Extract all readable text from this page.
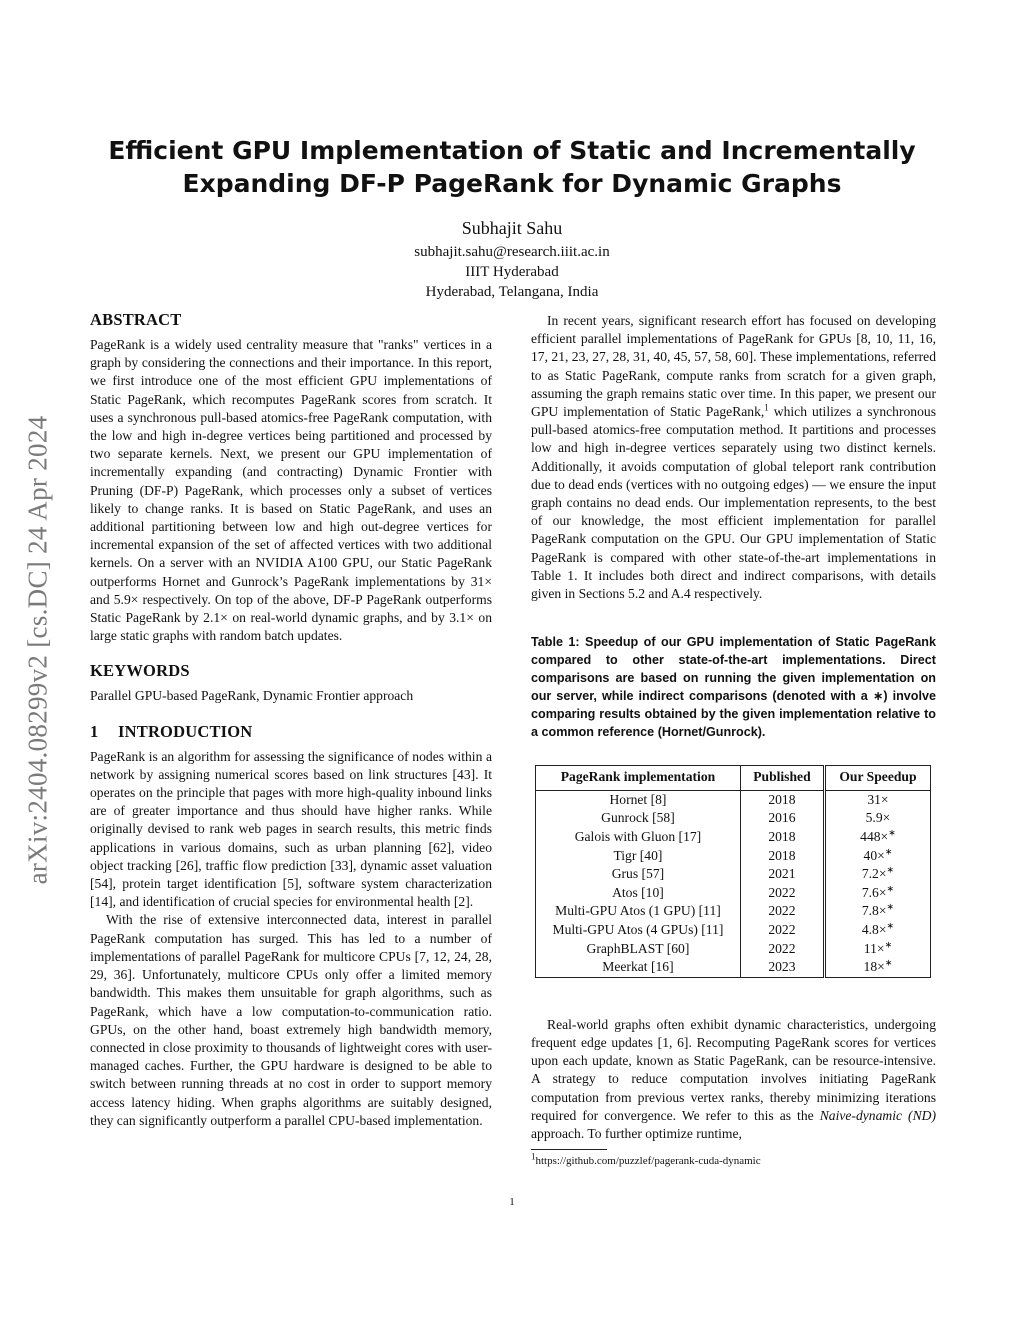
arXiv:2404.08299v2 [cs.DC] 24 Apr 2024
Efficient GPU Implementation of Static and Incrementally
Expanding DF-P PageRank for Dynamic Graphs
Subhajit Sahu
subhajit.sahu@research.iiit.ac.in
IIIT Hyderabad
Hyderabad, Telangana, India
ABSTRACT

PageRank is a widely used centrality measure that "ranks" vertices in a graph by considering the connections and their importance. In this report, we first introduce one of the most efficient GPU implementations of Static PageRank, which recomputes PageRank scores from scratch. It uses a synchronous pull-based atomics-free PageRank computation, with the low and high in-degree vertices being partitioned and processed by two separate kernels. Next, we present our GPU implementation of incrementally expanding (and contracting) Dynamic Frontier with Pruning (DF-P) PageRank, which processes only a subset of vertices likely to change ranks. It is based on Static PageRank, and uses an additional partitioning between low and high out-degree vertices for incremental expansion of the set of affected vertices with two additional kernels. On a server with an NVIDIA A100 GPU, our Static PageRank outperforms Hornet and Gunrock’s PageRank implementations by 31× and 5.9× respectively. On top of the above, DF-P PageRank outperforms Static PageRank by 2.1× on real-world dynamic graphs, and by 3.1× on large static graphs with random batch updates.

KEYWORDS

Parallel GPU-based PageRank, Dynamic Frontier approach

1 INTRODUCTION

PageRank is an algorithm for assessing the significance of nodes within a network by assigning numerical scores based on link structures [43]. It operates on the principle that pages with more high-quality inbound links are of greater importance and thus should have higher ranks. While originally devised to rank web pages in search results, this metric finds applications in various domains, such as urban planning [62], video object tracking [26], traffic flow prediction [33], dynamic asset valuation [54], protein target identification [5], software system characterization [14], and identification of crucial species for environmental health [2].

With the rise of extensive interconnected data, interest in parallel PageRank computation has surged. This has led to a number of implementations of parallel PageRank for multicore CPUs [7, 12, 24, 28, 29, 36]. Unfortunately, multicore CPUs only offer a limited memory bandwidth. This makes them unsuitable for graph algorithms, such as PageRank, which have a low computation-to-communication ratio. GPUs, on the other hand, boast extremely high bandwidth memory, connected in close proximity to thousands of lightweight cores with user-managed caches. Further, the GPU hardware is designed to be able to switch between running threads at no cost in order to support memory access latency hiding. When graphs algorithms are suitably designed, they can significantly outperform a parallel CPU-based implementation.

In recent years, significant research effort has focused on developing efficient parallel implementations of PageRank for GPUs [8, 10, 11, 16, 17, 21, 23, 27, 28, 31, 40, 45, 57, 58, 60]. These implementations, referred to as Static PageRank, compute ranks from scratch for a given graph, assuming the graph remains static over time. In this paper, we present our GPU implementation of Static PageRank,$^1$ which utilizes a synchronous pull-based atomics-free computation method. It partitions and processes low and high in-degree vertices separately using two distinct kernels. Additionally, it avoids computation of global teleport rank contribution due to dead ends (vertices with no outgoing edges) — we ensure the input graph contains no dead ends. Our implementation represents, to the best of our knowledge, the most efficient implementation for parallel PageRank computation on the GPU. Our GPU implementation of Static PageRank is compared with other state-of-the-art implementations in Table 1. It includes both direct and indirect comparisons, with details given in Sections 5.2 and A.4 respectively.

Table 1: Speedup of our GPU implementation of Static PageRank compared to other state-of-the-art implementations. Direct comparisons are based on running the given implementation on our server, while indirect comparisons (denoted with a ∗) involve comparing results obtained by the given implementation relative to a common reference (Hornet/Gunrock).

PageRank implementation	Published	Our Speedup
Hornet [8]	2018	31×
Gunrock [58]	2016	5.9×
Galois with Gluon [17]	2018	448×∗
Tigr [40]	2018	40×∗
Grus [57]	2021	7.2×∗
Atos [10]	2022	7.6×∗
Multi-GPU Atos (1 GPU) [11]	2022	7.8×∗
Multi-GPU Atos (4 GPUs) [11]	2022	4.8×∗
GraphBLAST [60]	2022	11×∗
Meerkat [16]	2023	18×∗

Real-world graphs often exhibit dynamic characteristics, undergoing frequent edge updates [1, 6]. Recomputing PageRank scores for vertices upon each update, known as Static PageRank, can be resource-intensive. A strategy to reduce computation involves initiating PageRank computation from previous vertex ranks, thereby minimizing iterations required for convergence. We refer to this as the Naive-dynamic (ND) approach. To further optimize runtime,

$^1$https://github.com/puzzlef/pagerank-cuda-dynamic
1
